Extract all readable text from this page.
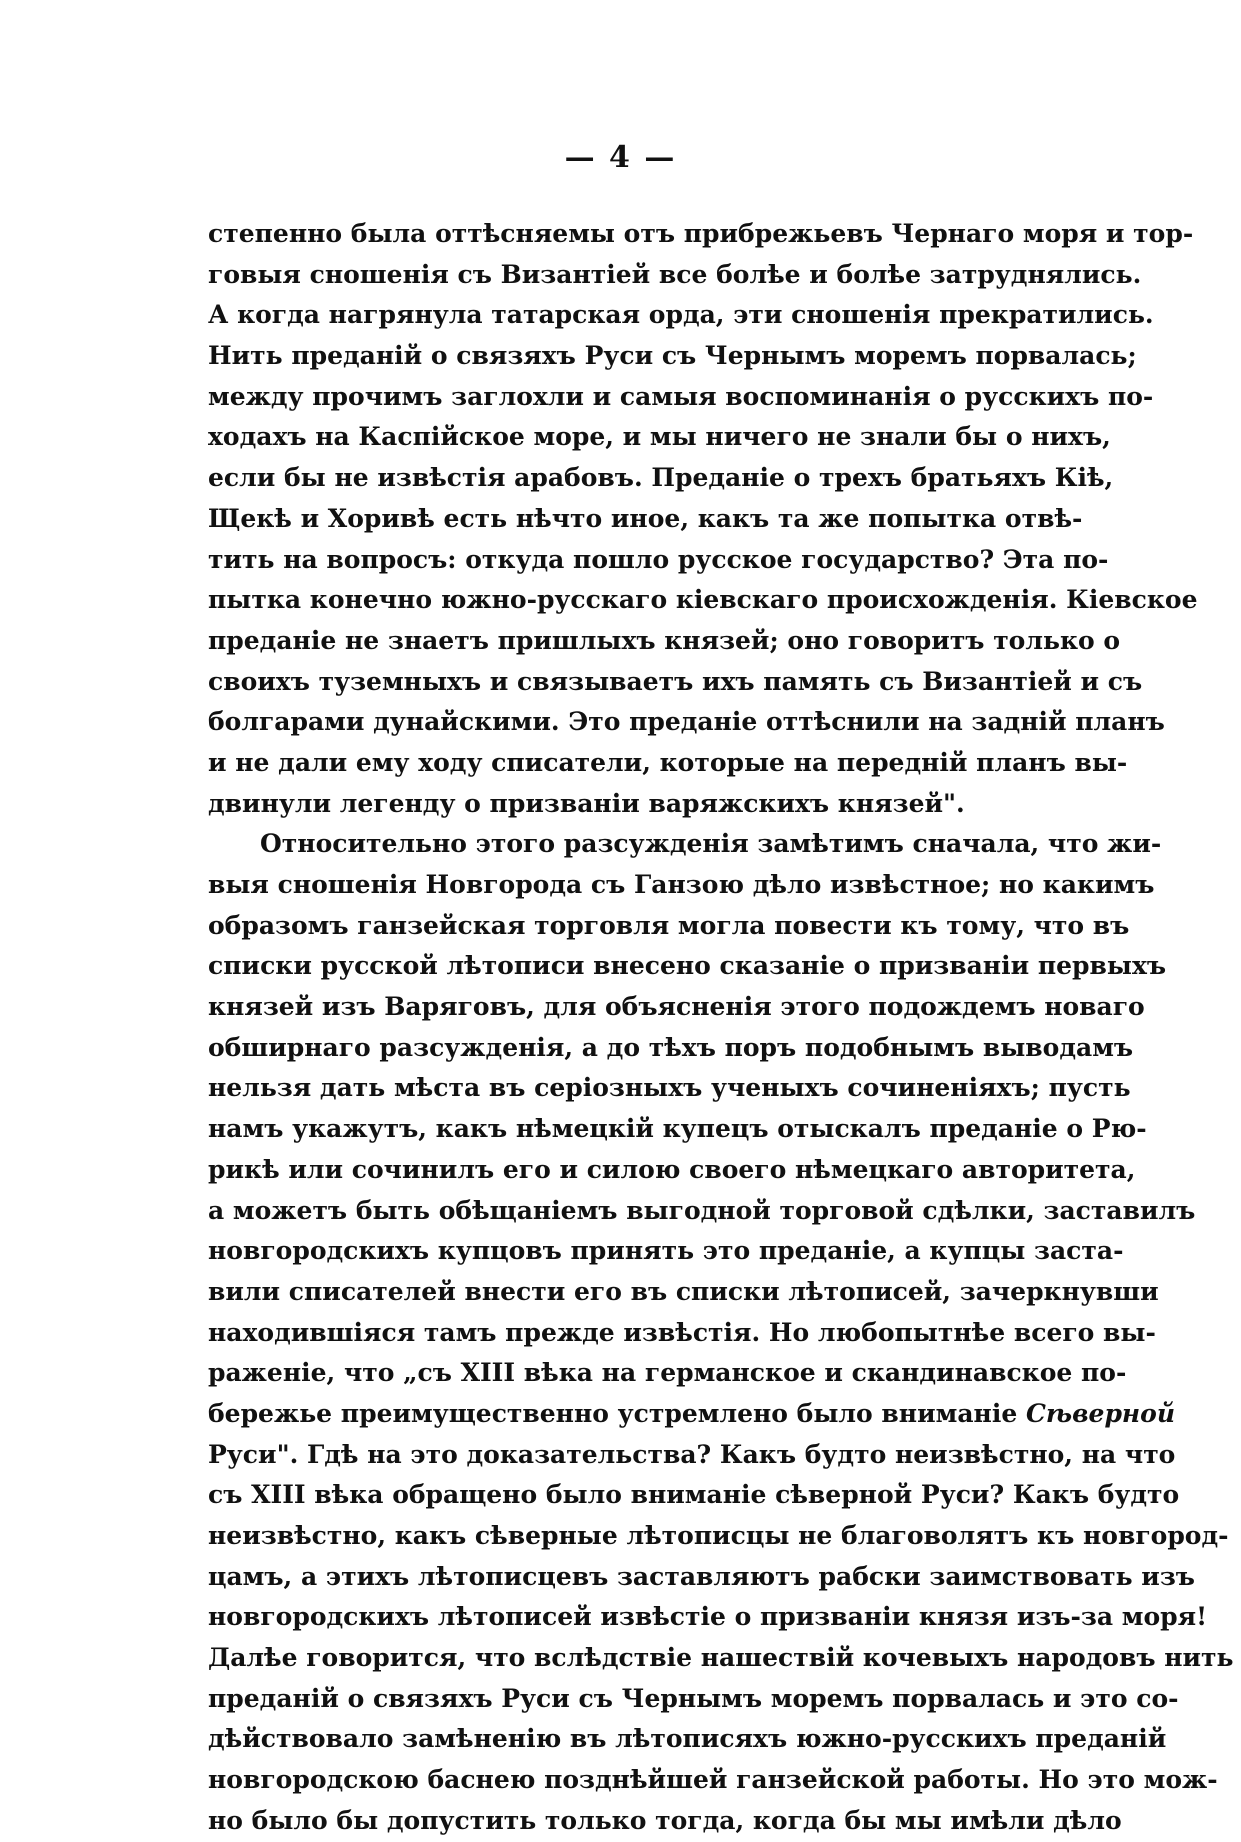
— 4 —
степенно была оттѣсняемы отъ прибрежьевъ Чернаго моря и тор-
говыя сношенія съ Византіей все болѣе и болѣе затруднялись.
А когда нагрянула татарская орда, эти сношенія прекратились.
Нить преданій о связяхъ Руси съ Чернымъ моремъ порвалась;
между прочимъ заглохли и самыя воспоминанія о русскихъ по-
ходахъ на Каспійское море, и мы ничего не знали бы о нихъ,
если бы не извѣстія арабовъ. Преданіе о трехъ братьяхъ Кіѣ,
Щекѣ и Хоривѣ есть нѣчто иное, какъ та же попытка отвѣ-
тить на вопросъ: откуда пошло русское государство? Эта по-
пытка конечно южно-русскаго кіевскаго происхожденія. Кіевское
преданіе не знаетъ пришлыхъ князей; оно говоритъ только о
своихъ туземныхъ и связываетъ ихъ память съ Византіей и съ
болгарами дунайскими. Это преданіе оттѣснили на задній планъ
и не дали ему ходу списатели, которые на передній планъ вы-
двинули легенду о призваніи варяжскихъ князей".
Относительно этого разсужденія замѣтимъ сначала, что жи-
выя сношенія Новгорода съ Ганзою дѣло извѣстное; но какимъ
образомъ ганзейская торговля могла повести къ тому, что въ
списки русской лѣтописи внесено сказаніе о призваніи первыхъ
князей изъ Варяговъ, для объясненія этого подождемъ новаго
обширнаго разсужденія, а до тѣхъ поръ подобнымъ выводамъ
нельзя дать мѣста въ серіозныхъ ученыхъ сочиненіяхъ; пусть
намъ укажутъ, какъ нѣмецкій купецъ отыскалъ преданіе о Рю-
рикѣ или сочинилъ его и силою своего нѣмецкаго авторитета,
а можетъ быть обѣщаніемъ выгодной торговой сдѣлки, заставилъ
новгородскихъ купцовъ принять это преданіе, а купцы заста-
вили списателей внести его въ списки лѣтописей, зачеркнувши
находившіяся тамъ прежде извѣстія. Но любопытнѣе всего вы-
раженіе, что „съ XIII вѣка на германское и скандинавское по-
бережье преимущественно устремлено было вниманіе Сѣверной
Руси". Гдѣ на это доказательства? Какъ будто неизвѣстно, на что
съ XIII вѣка обращено было вниманіе сѣверной Руси? Какъ будто
неизвѣстно, какъ сѣверные лѣтописцы не благоволятъ къ новгород-
цамъ, а этихъ лѣтописцевъ заставляютъ рабски заимствовать изъ
новгородскихъ лѣтописей извѣстіе о призваніи князя изъ-за моря!
Далѣе говорится, что вслѣдствіе нашествій кочевыхъ народовъ нить
преданій о связяхъ Руси съ Чернымъ моремъ порвалась и это со-
дѣйствовало замѣненію въ лѣтописяхъ южно-русскихъ преданій
новгородскою баснею позднѣйшей ганзейской работы. Но это мож-
но было бы допустить только тогда, когда бы мы имѣли дѣло
